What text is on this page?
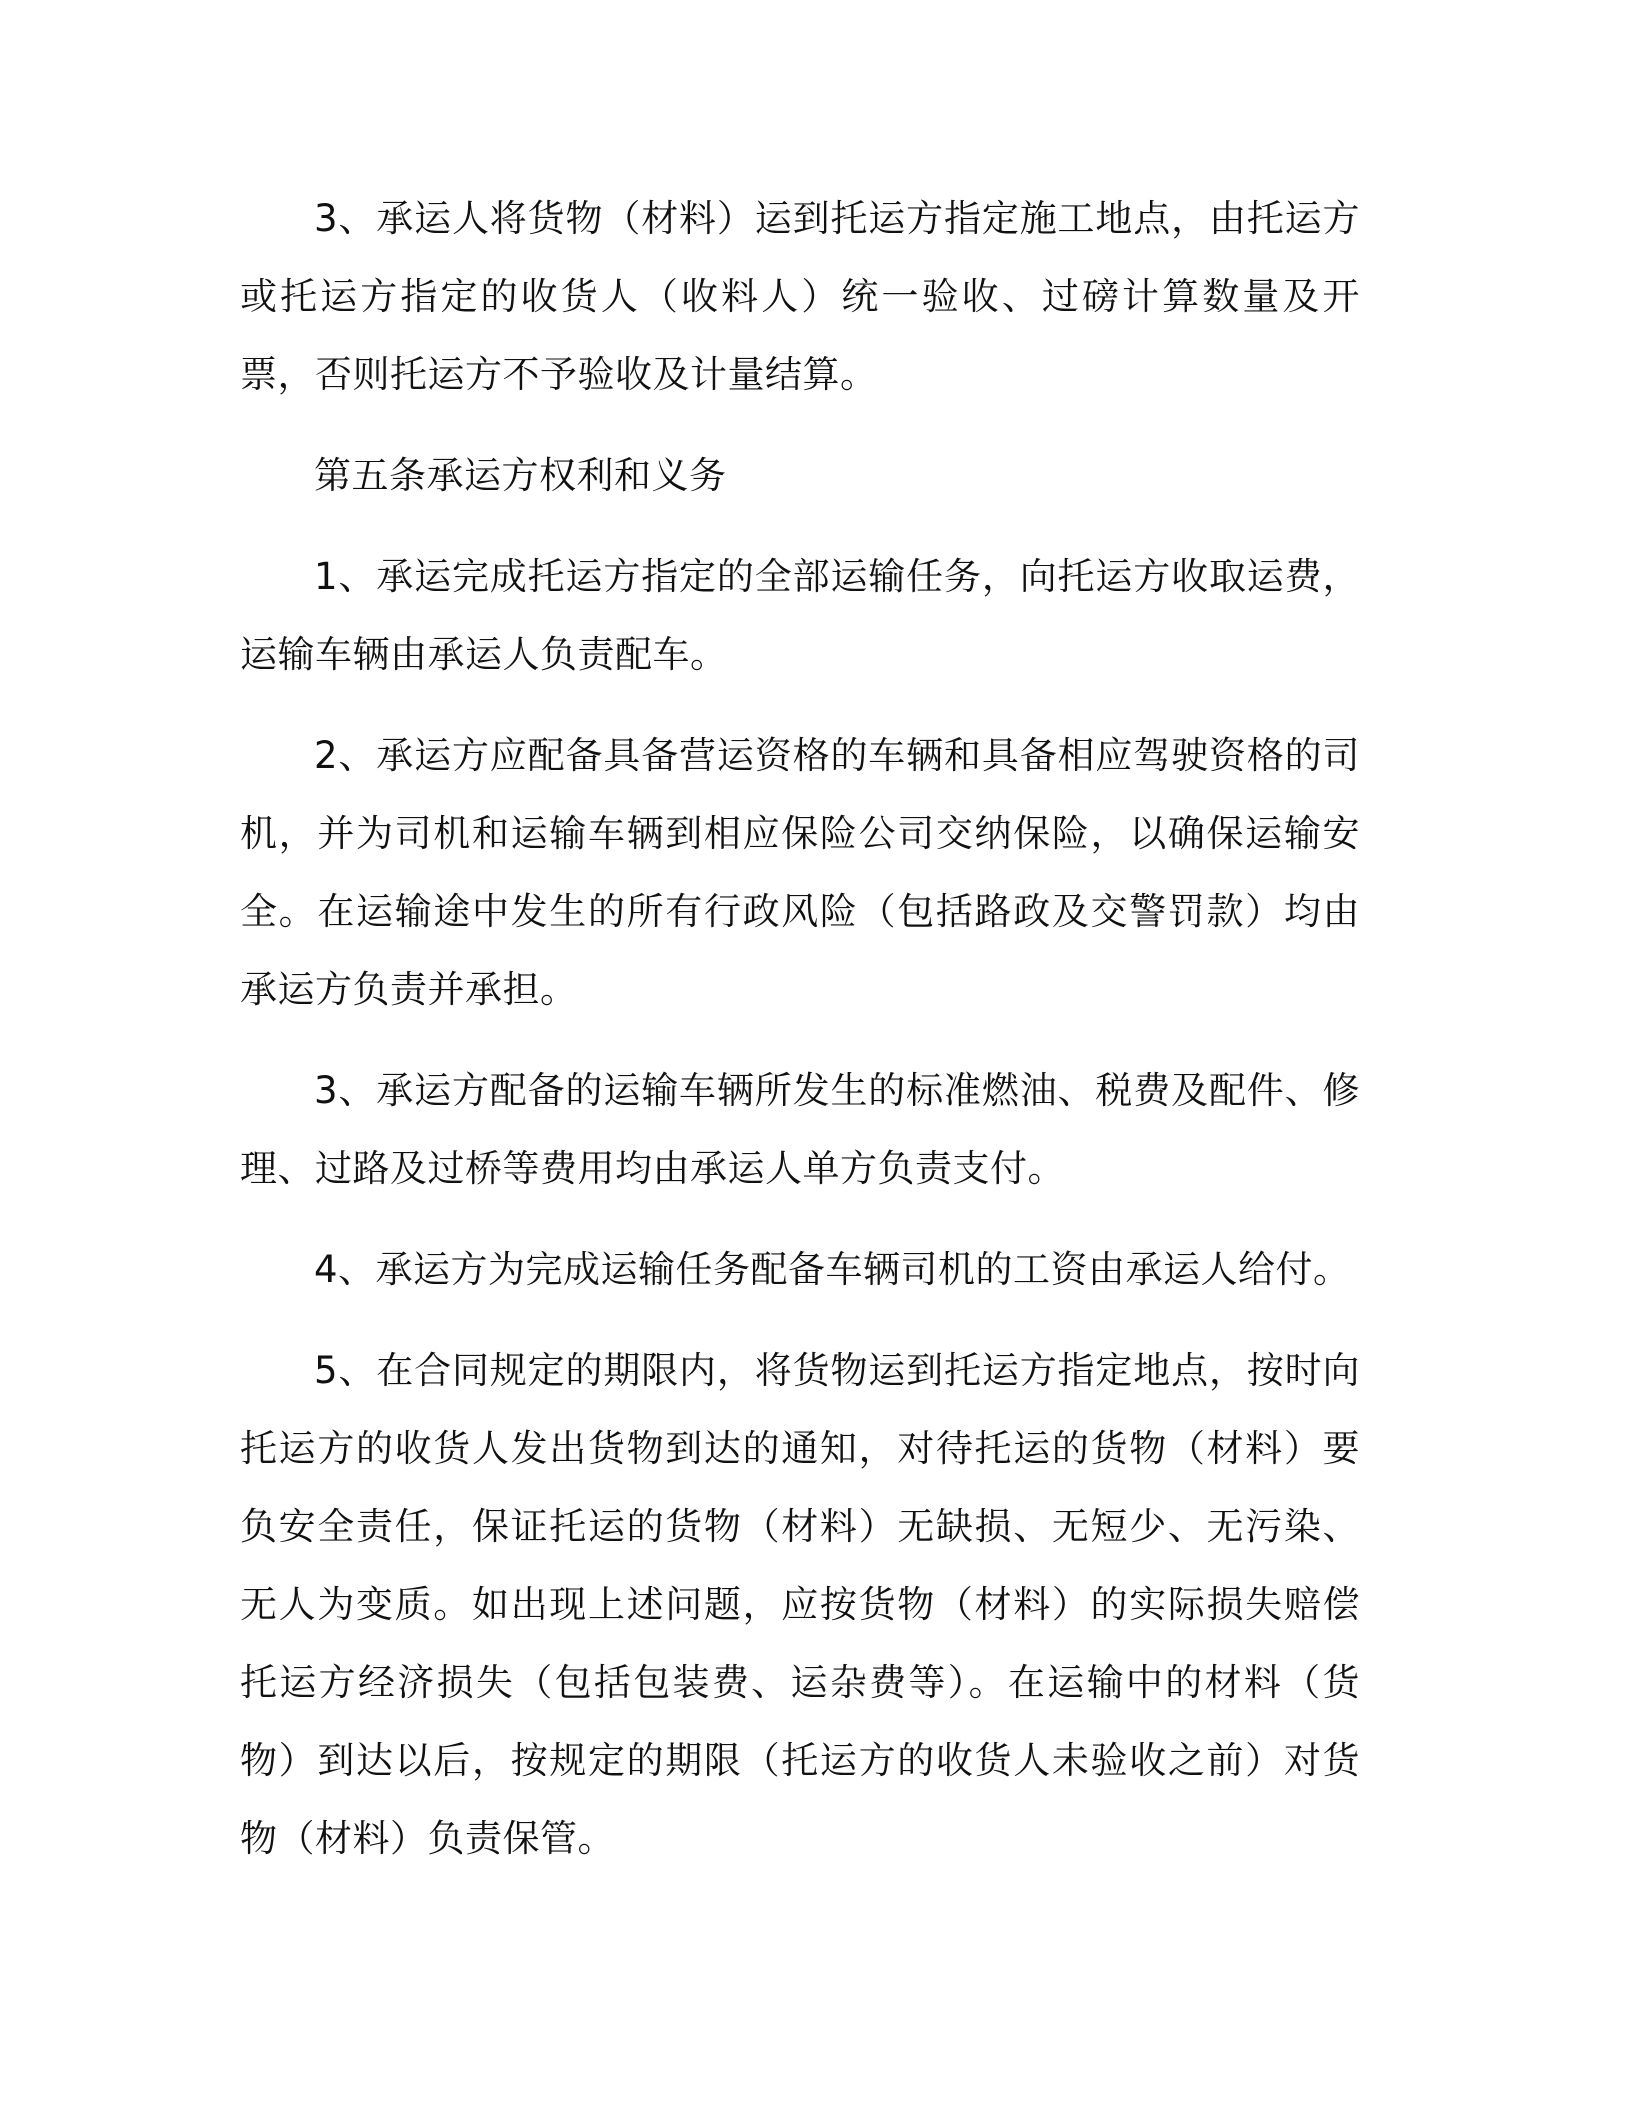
3、承运人将货物（材料）运到托运方指定施工地点，由托运方或托运方指定的收货人（收料人）统一验收、过磅计算数量及开票，否则托运方不予验收及计量结算。

第五条承运方权利和义务

1、承运完成托运方指定的全部运输任务，向托运方收取运费，运输车辆由承运人负责配车。

2、承运方应配备具备营运资格的车辆和具备相应驾驶资格的司机，并为司机和运输车辆到相应保险公司交纳保险，以确保运输安全。在运输途中发生的所有行政风险（包括路政及交警罚款）均由承运方负责并承担。

3、承运方配备的运输车辆所发生的标准燃油、税费及配件、修理、过路及过桥等费用均由承运人单方负责支付。

4、承运方为完成运输任务配备车辆司机的工资由承运人给付。

5、在合同规定的期限内，将货物运到托运方指定地点，按时向托运方的收货人发出货物到达的通知，对待托运的货物（材料）要负安全责任，保证托运的货物（材料）无缺损、无短少、无污染、无人为变质。如出现上述问题，应按货物（材料）的实际损失赔偿托运方经济损失（包括包装费、运杂费等）。在运输中的材料（货物）到达以后，按规定的期限（托运方的收货人未验收之前）对货物（材料）负责保管。
